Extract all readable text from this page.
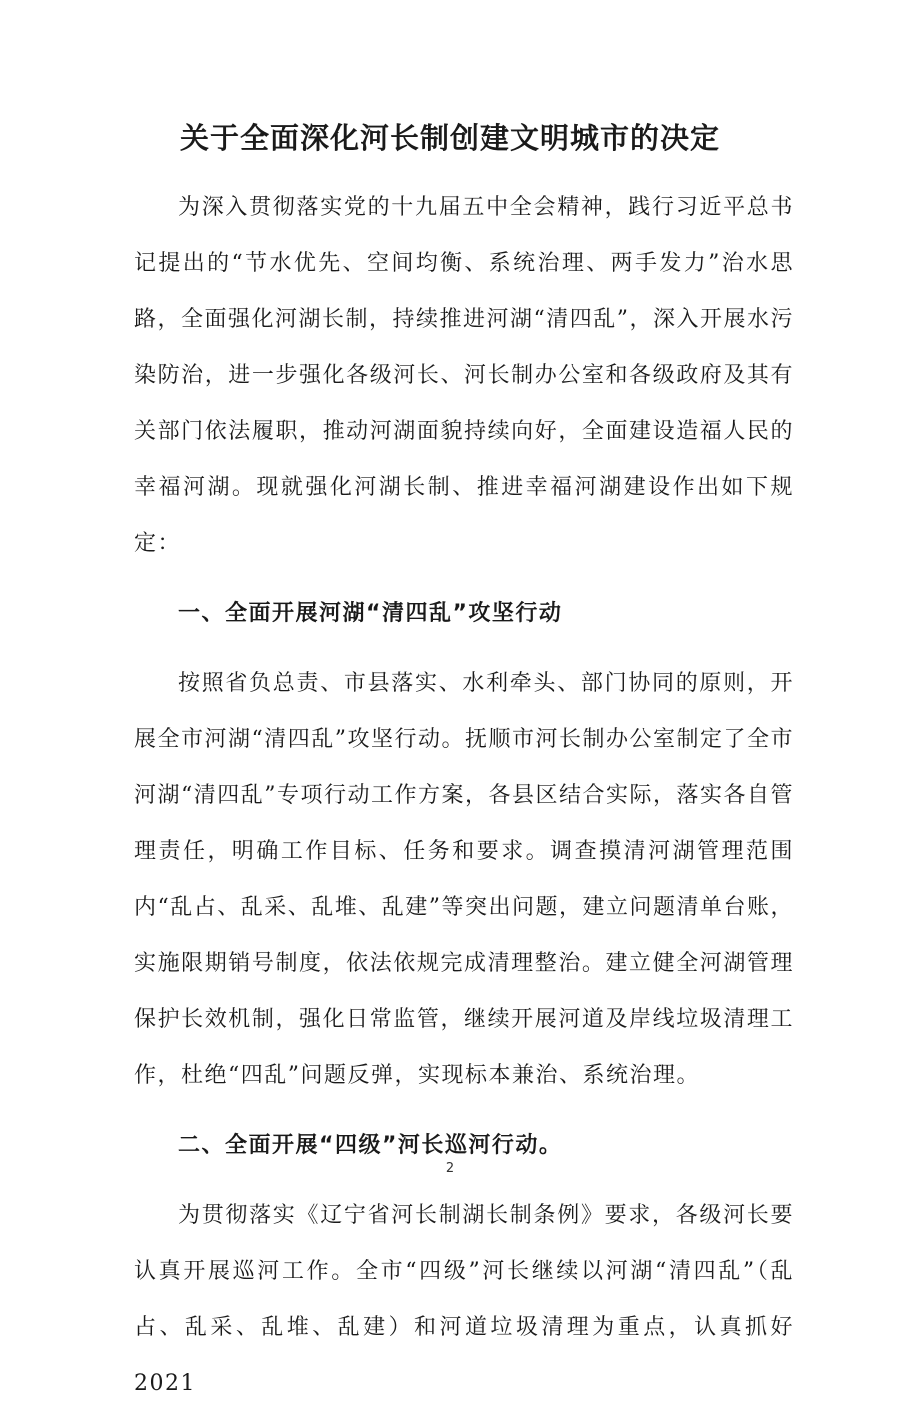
关于全面深化河长制创建文明城市的决定

为深入贯彻落实党的十九届五中全会精神，践行习近平总书记提出的“节水优先、空间均衡、系统治理、两手发力”治水思路，全面强化河湖长制，持续推进河湖“清四乱”，深入开展水污染防治，进一步强化各级河长、河长制办公室和各级政府及其有关部门依法履职，推动河湖面貌持续向好，全面建设造福人民的幸福河湖。现就强化河湖长制、推进幸福河湖建设作出如下规定：

一、全面开展河湖“清四乱”攻坚行动

按照省负总责、市县落实、水利牵头、部门协同的原则，开展全市河湖“清四乱”攻坚行动。抚顺市河长制办公室制定了全市河湖“清四乱”专项行动工作方案，各县区结合实际，落实各自管理责任，明确工作目标、任务和要求。调查摸清河湖管理范围内“乱占、乱采、乱堆、乱建”等突出问题，建立问题清单台账，实施限期销号制度，依法依规完成清理整治。建立健全河湖管理保护长效机制，强化日常监管，继续开展河道及岸线垃圾清理工作，杜绝“四乱”问题反弹，实现标本兼治、系统治理。

二、全面开展“四级”河长巡河行动。

为贯彻落实《辽宁省河长制湖长制条例》要求，各级河长要认真开展巡河工作。全市“四级”河长继续以河湖“清四乱”（乱占、乱采、乱堆、乱建）和河道垃圾清理为重点，认真抓好 2021

2
